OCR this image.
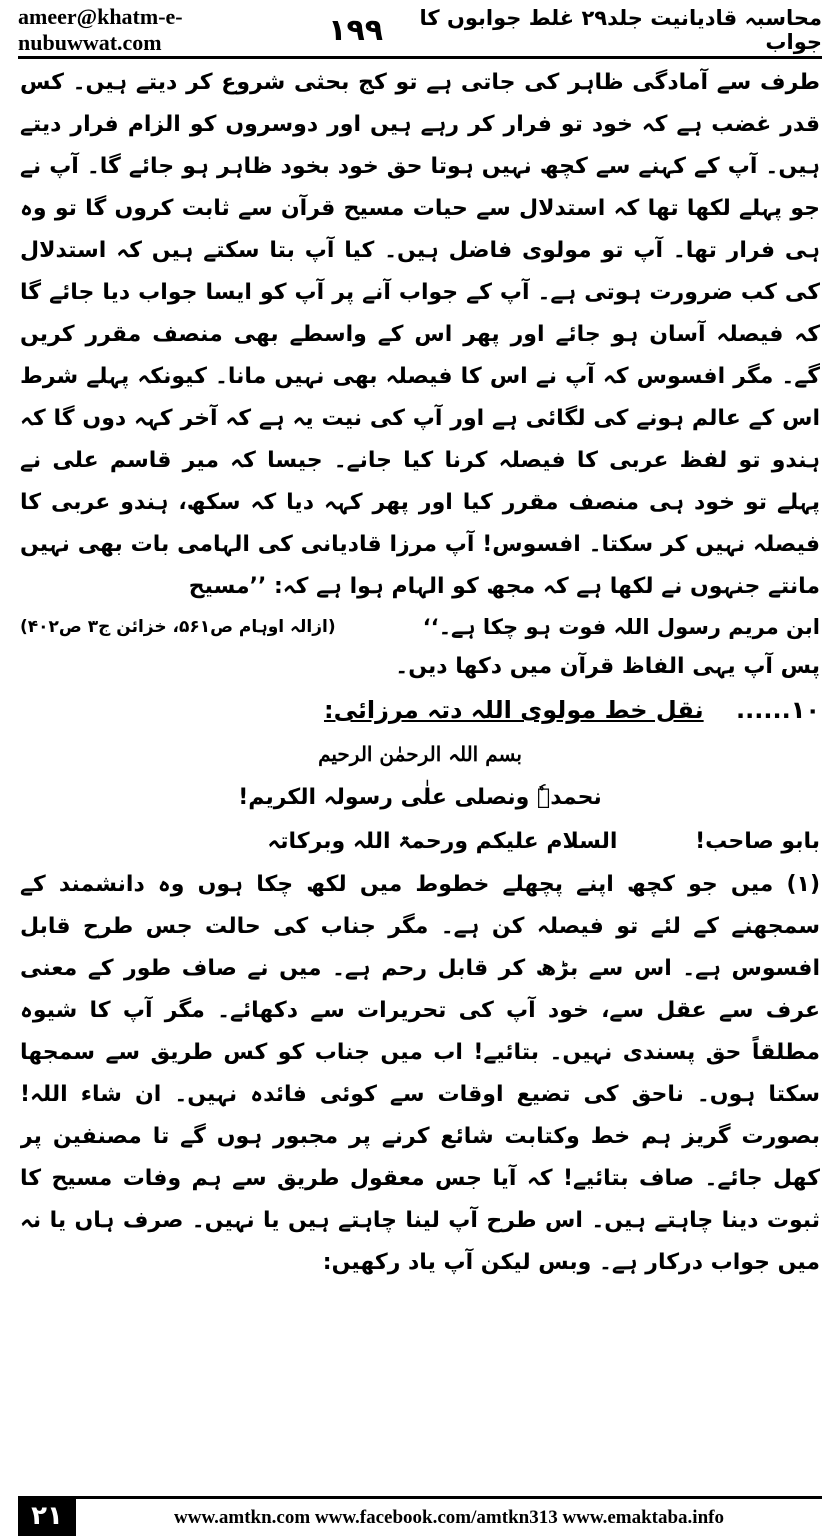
ameer@khatm-e-nubuwwat.com	۱۹۹	محاسبہ قادیانیت جلد۲۹ غلط جوابوں کا جواب

طرف سے آمادگی ظاہر کی جاتی ہے تو کج بحثی شروع کر دیتے ہیں۔ کس قدر غضب ہے کہ خود تو فرار کر رہے ہیں اور دوسروں کو الزام فرار دیتے ہیں۔ آپ کے کہنے سے کچھ نہیں ہوتا حق خود بخود ظاہر ہو جائے گا۔ آپ نے جو پہلے لکھا تھا کہ استدلال سے حیات مسیح قرآن سے ثابت کروں گا تو وہ ہی فرار تھا۔ آپ تو مولوی فاضل ہیں۔ کیا آپ بتا سکتے ہیں کہ استدلال کی کب ضرورت ہوتی ہے۔ آپ کے جواب آنے پر آپ کو ایسا جواب دیا جائے گا کہ فیصلہ آسان ہو جائے اور پھر اس کے واسطے بھی منصف مقرر کریں گے۔ مگر افسوس کہ آپ نے اس کا فیصلہ بھی نہیں مانا۔ کیونکہ پہلے شرط اس کے عالم ہونے کی لگائی ہے اور آپ کی نیت یہ ہے کہ آخر کہہ دوں گا کہ ہندو تو لفظ عربی کا فیصلہ کرنا کیا جانے۔ جیسا کہ میر قاسم علی نے پہلے تو خود ہی منصف مقرر کیا اور پھر کہہ دیا کہ سکھ، ہندو عربی کا فیصلہ نہیں کر سکتا۔ افسوس! آپ مرزا قادیانی کی الہامی بات بھی نہیں مانتے جنہوں نے لکھا ہے کہ مجھ کو الہام ہوا ہے کہ: ’’مسیح

ابن مریم رسول اللہ فوت ہو چکا ہے۔‘‘
(ازالہ اوہام ص۵۶۱، خزائن ج۳ ص۴۰۲)

پس آپ یہی الفاظ قرآن میں دکھا دیں۔

۱۰...... نقل خط مولوی اللہ دتہ مرزائی:
بسم اللہ الرحمٰن الرحیم
نحمدہٗ ونصلی علٰی رسولہ الکریم!
بابو صاحب! السلام علیکم ورحمۃ اللہ وبرکاتہ

(۱) میں جو کچھ اپنے پچھلے خطوط میں لکھ چکا ہوں وہ دانشمند کے سمجھنے کے لئے تو فیصلہ کن ہے۔ مگر جناب کی حالت جس طرح قابل افسوس ہے۔ اس سے بڑھ کر قابل رحم ہے۔ میں نے صاف طور کے معنی عرف سے عقل سے، خود آپ کی تحریرات سے دکھائے۔ مگر آپ کا شیوہ مطلقاً حق پسندی نہیں۔ بتائیے! اب میں جناب کو کس طریق سے سمجھا سکتا ہوں۔ ناحق کی تضیع اوقات سے کوئی فائدہ نہیں۔ ان شاء اللہ! بصورت گریز ہم خط وکتابت شائع کرنے پر مجبور ہوں گے تا مصنفین پر کھل جائے۔ صاف بتائیے! کہ آیا جس معقول طریق سے ہم وفات مسیح کا ثبوت دینا چاہتے ہیں۔ اس طرح آپ لینا چاہتے ہیں یا نہیں۔ صرف ہاں یا نہ میں جواب درکار ہے۔ وبس لیکن آپ یاد رکھیں:

۲۱	www.amtkn.com www.facebook.com/amtkn313 www.emaktaba.info
